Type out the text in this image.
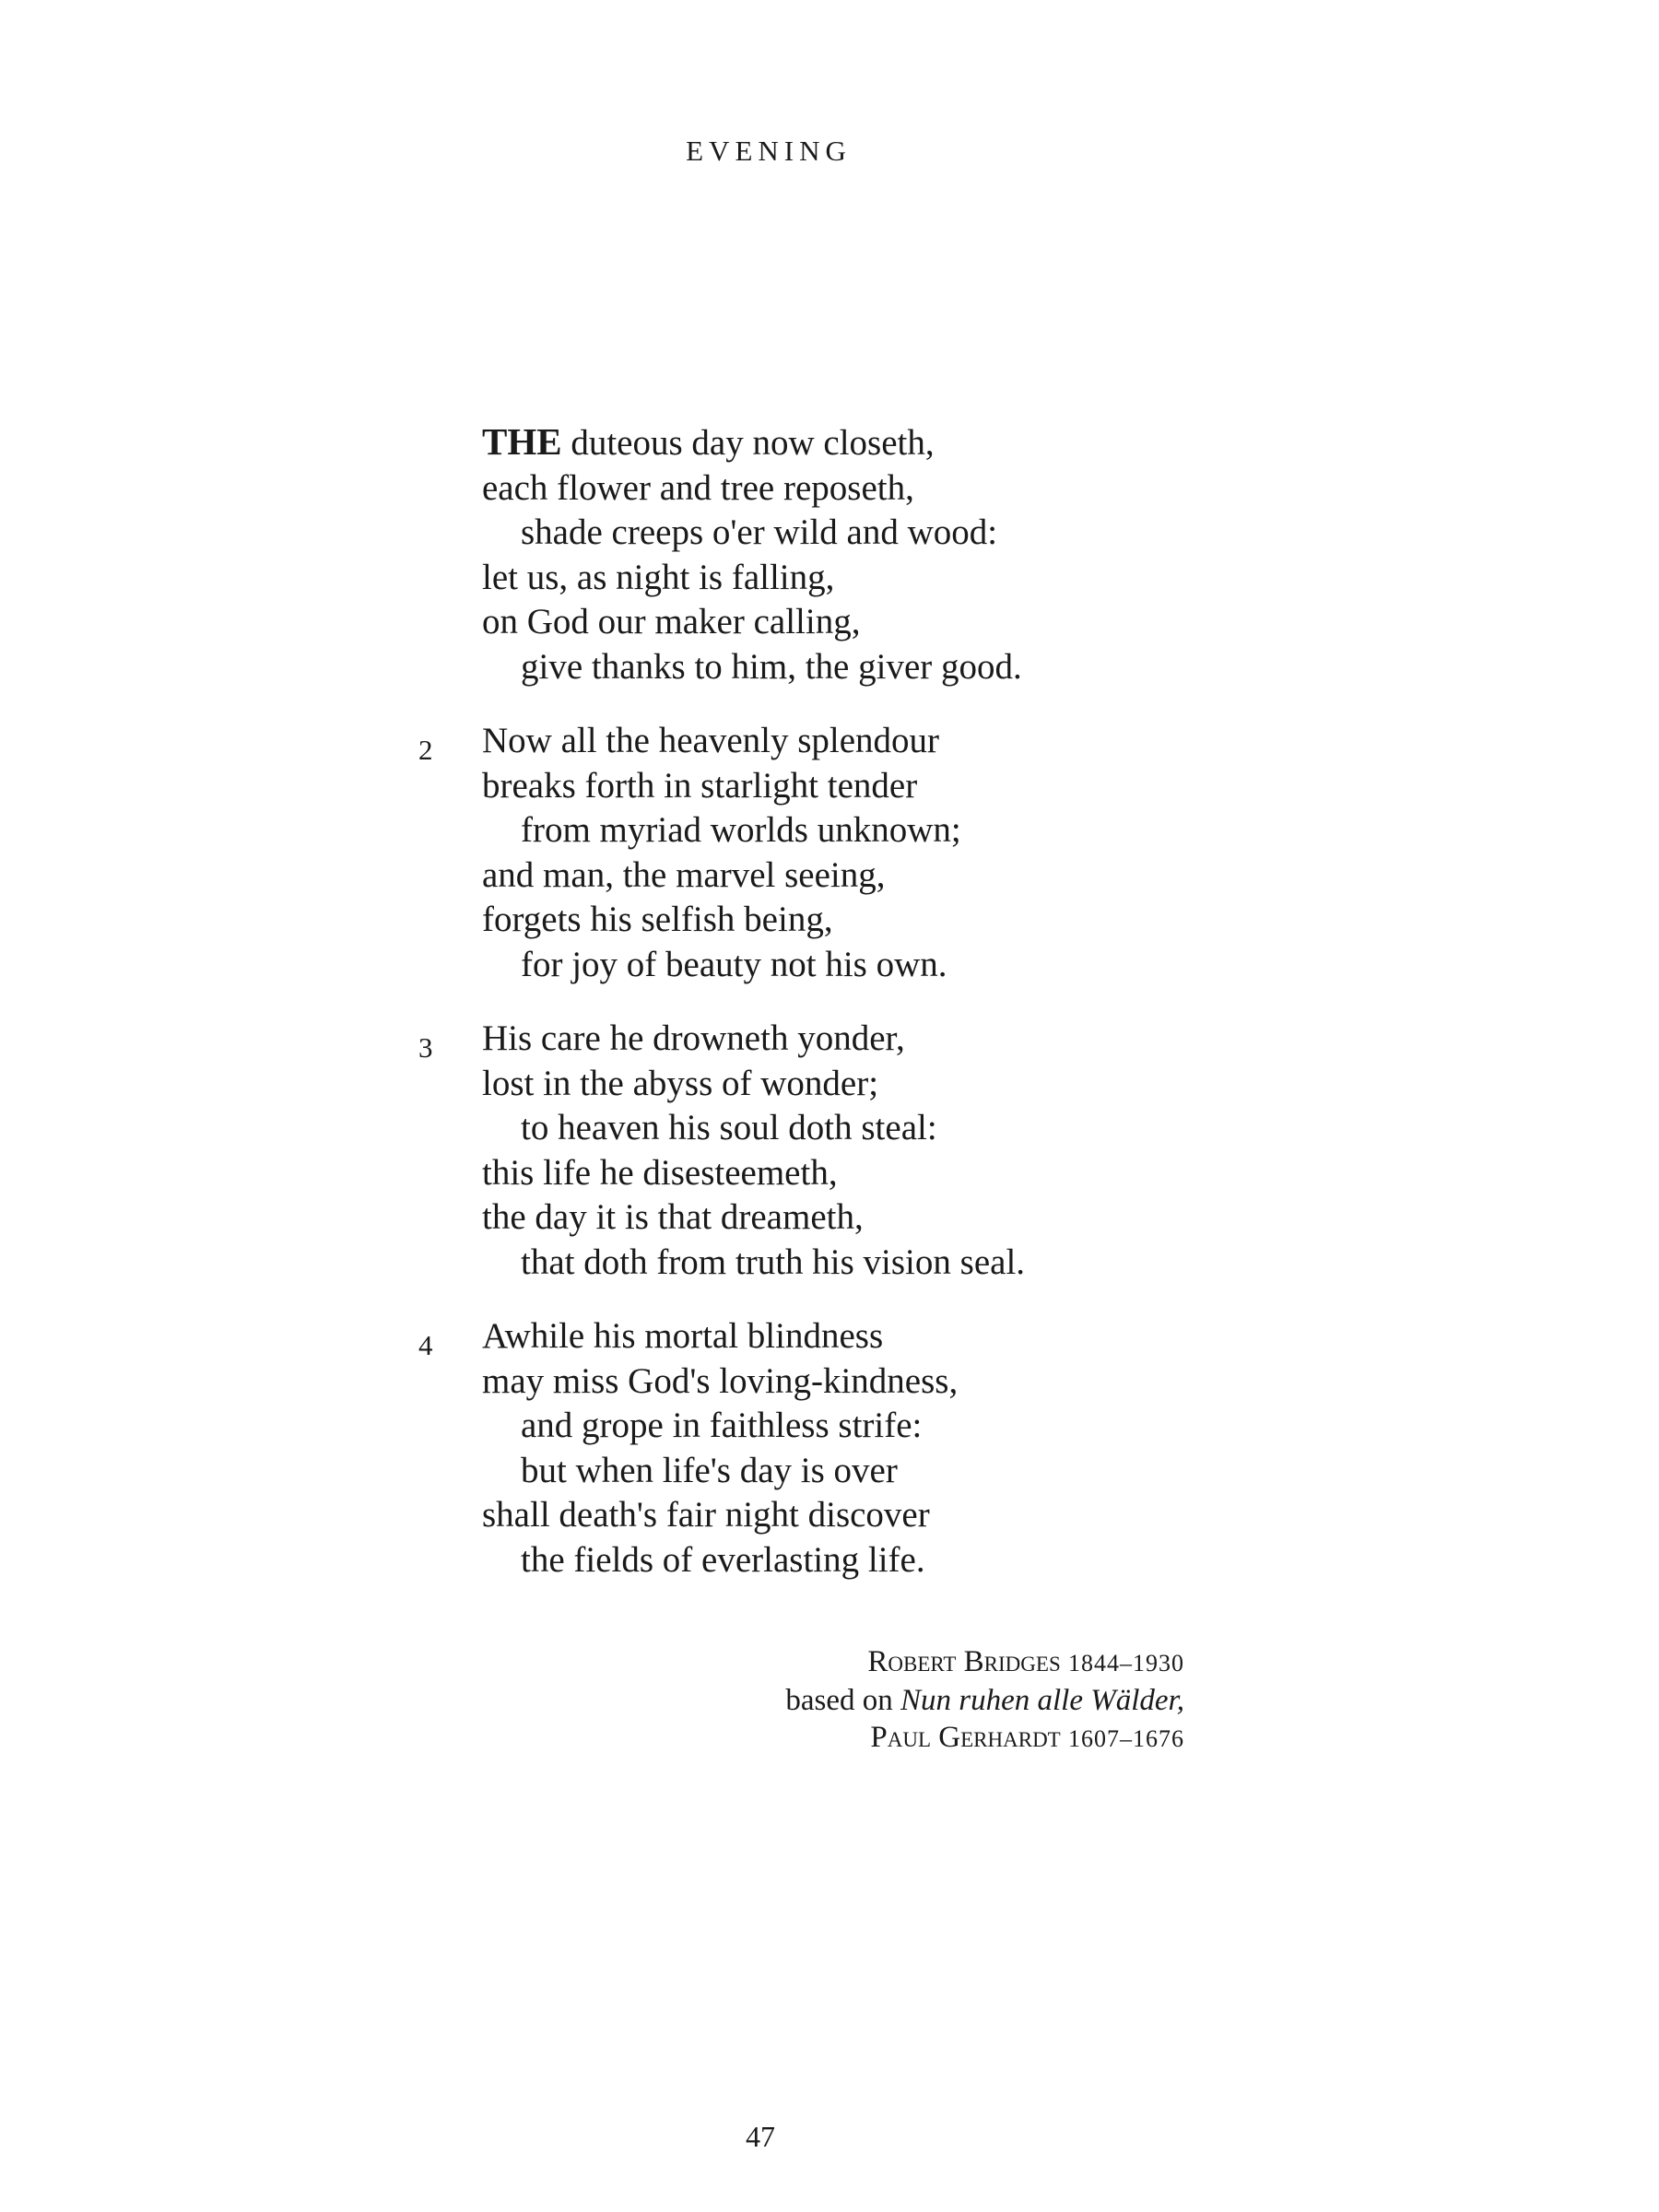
EVENING
THE duteous day now closeth,
each flower and tree reposeth,
shade creeps o'er wild and wood:
let us, as night is falling,
on God our maker calling,
give thanks to him, the giver good.
2 Now all the heavenly splendour
breaks forth in starlight tender
from myriad worlds unknown;
and man, the marvel seeing,
forgets his selfish being,
for joy of beauty not his own.
3 His care he drowneth yonder,
lost in the abyss of wonder;
to heaven his soul doth steal:
this life he disesteemeth,
the day it is that dreameth,
that doth from truth his vision seal.
4 Awhile his mortal blindness
may miss God's loving-kindness,
and grope in faithless strife:
but when life's day is over
shall death's fair night discover
the fields of everlasting life.
Robert Bridges 1844–1930
based on Nun ruhen alle Wälder,
Paul Gerhardt 1607–1676
47
